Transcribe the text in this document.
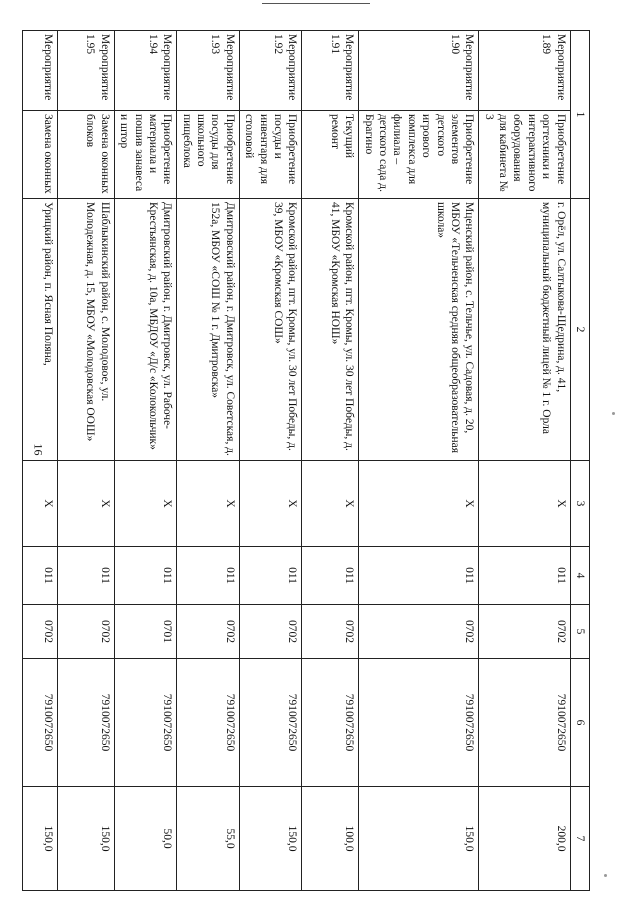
16
1		2	3	4	5	6	7
Мероприятие 1.89	Приобретение оргтехники и интерактивного оборудования для кабинета № 3	г. Орёл, ул. Салтыкова-Щедрина, д. 41, муниципальный бюджетный лицей № 1 г. Орла	X	011	0702	7910072650	200,0
Мероприятие 1.90	Приобретение элементов детского игрового комплекса для филиала – детского сада д. Брагино	Мценский район, с. Тельчье, ул. Садовая, д. 20, МБОУ «Тельченская средняя общеобразовательная школа»	X	011	0702	7910072650	150,0
Мероприятие 1.91	Текущий ремонт	Кромской район, пгт. Кромы, ул. 30 лет Победы, д. 41, МБОУ «Кромская НОШ»	X	011	0702	7910072650	100,0
Мероприятие 1.92	Приобретение посуды и инвентаря для столовой	Кромской район, пгт. Кромы, ул. 30 лет Победы, д. 39, МБОУ «Кромская СОШ»	X	011	0702	7910072650	150,0
Мероприятие 1.93	Приобретение посуды для школьного пищеблока	Дмитровский район, г. Дмитровск, ул. Советская, д. 152а, МБОУ «СОШ № 1 г. Дмитровска»	X	011	0702	7910072650	55,0
Мероприятие 1.94	Приобретение материала и пошив занавеса и штор	Дмитровский район, г. Дмитровск, ул. Рабоче-Крестьянская, д. 10а, МБДОУ «Д/с «Колокольчик»	X	011	0701	7910072650	50,0
Мероприятие 1.95	Замена оконных блоков	Шаблыкинский район, с. Молодовое, ул. Молодежная, д. 15, МБОУ «Молодовская ООШ»	X	011	0702	7910072650	150,0
Мероприятие	Замена оконных	Урицкий район, п. Ясная Поляна,	X	011	0702	7910072650	150,0
